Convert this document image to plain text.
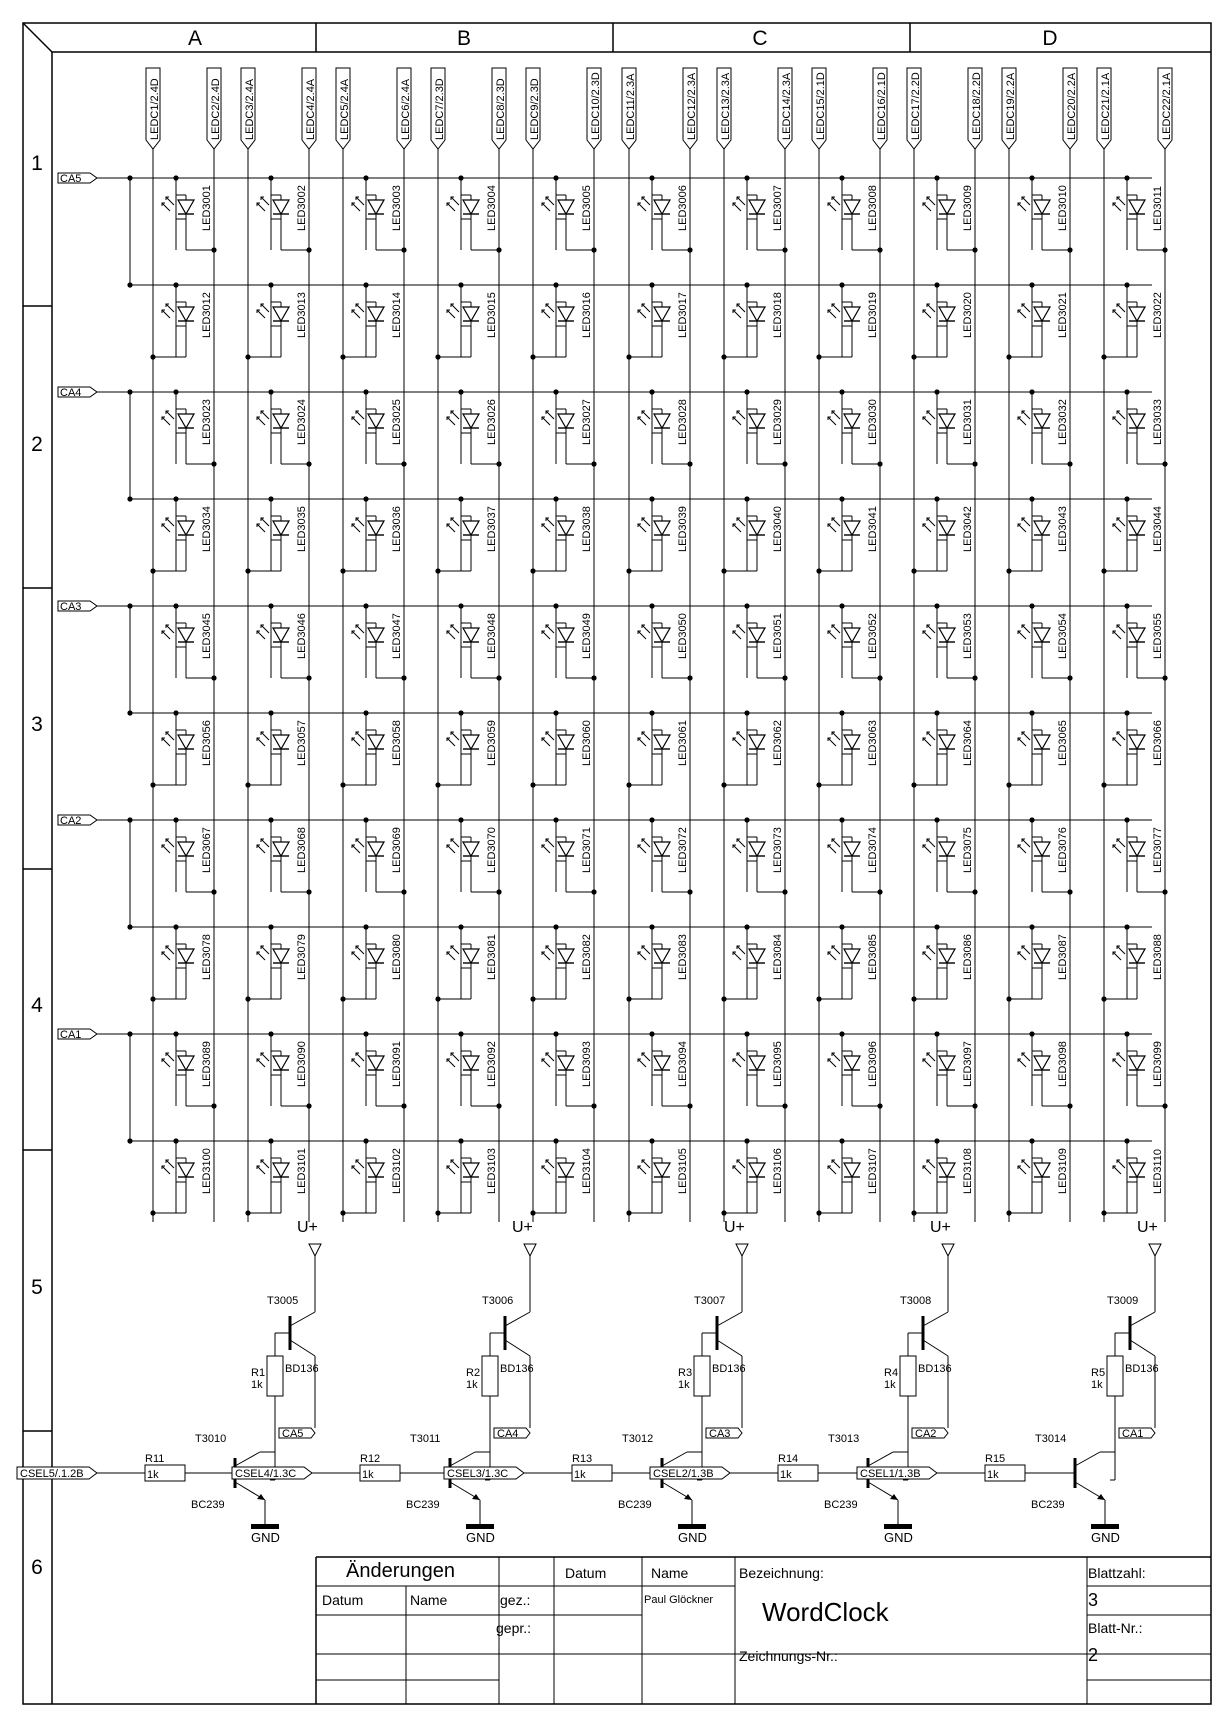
A	B	C	D
1
2
3
4
5
6
LEDC1/2.4D	LEDC2/2.4D LEDC3/2.4A	LEDC4/2.4A LEDC5/2.4A	LEDC6/2.4A LEDC7/2.3D	LEDC8/2.3D LEDC9/2.3D	LEDC10/2.3D LEDC11/2.3A	LEDC12/2.3A LEDC13/2.3A	LEDC14/2.3A LEDC15/2.1D	LEDC16/2.1D LEDC17/2.2D	LEDC18/2.2D LEDC19/2.2A	LEDC20/2.2A LEDC21/2.1A	LEDC22/2.1A
CA5
CA4
CA3
CA2
CA1
LED3001	LED3002	LED3003	LED3004	LED3005	LED3006	LED3007	LED3008	LED3009	LED3010	LED3011
LED3012	LED3013	LED3014	LED3015	LED3016	LED3017	LED3018	LED3019	LED3020	LED3021	LED3022
LED3023	LED3024	LED3025	LED3026	LED3027	LED3028	LED3029	LED3030	LED3031	LED3032	LED3033
LED3034	LED3035	LED3036	LED3037	LED3038	LED3039	LED3040	LED3041	LED3042	LED3043	LED3044
LED3045	LED3046	LED3047	LED3048	LED3049	LED3050	LED3051	LED3052	LED3053	LED3054	LED3055
LED3056	LED3057	LED3058	LED3059	LED3060	LED3061	LED3062	LED3063	LED3064	LED3065	LED3066
LED3067	LED3068	LED3069	LED3070	LED3071	LED3072	LED3073	LED3074	LED3075	LED3076	LED3077
LED3078	LED3079	LED3080	LED3081	LED3082	LED3083	LED3084	LED3085	LED3086	LED3087	LED3088
LED3089	LED3090	LED3091	LED3092	LED3093	LED3094	LED3095	LED3096	LED3097	LED3098	LED3099
LED3100	LED3101	LED3102	LED3103	LED3104	LED3105	LED3106	LED3107	LED3108	LED3109	LED3110
U+
T3005
BD136
CA5
R1
1k
GND
T3010
BC239
R11
1k
CSEL5/.1.2B
U+
T3006
BD136
CA4
R2
1k
GND
T3011
BC239
R12
1k
CSEL4/1.3C
U+
T3007
BD136
CA3
R3
1k
GND
T3012
BC239
R13
1k
CSEL3/1.3C
U+
T3008
BD136
CA2
R4
1k
GND
T3013
BC239
R14
1k
CSEL2/1.3B
U+
T3009
BD136
CA1
R5
1k
GND
T3014
BC239
R15
1k
CSEL1/1.3B
Änderungen
Datum	Name
Datum	Name
gez.:
gepr.:
Paul Glöckner
Bezeichnung:
WordClock
Zeichnungs-Nr.:
Blattzahl:
3
Blatt-Nr.:
2
